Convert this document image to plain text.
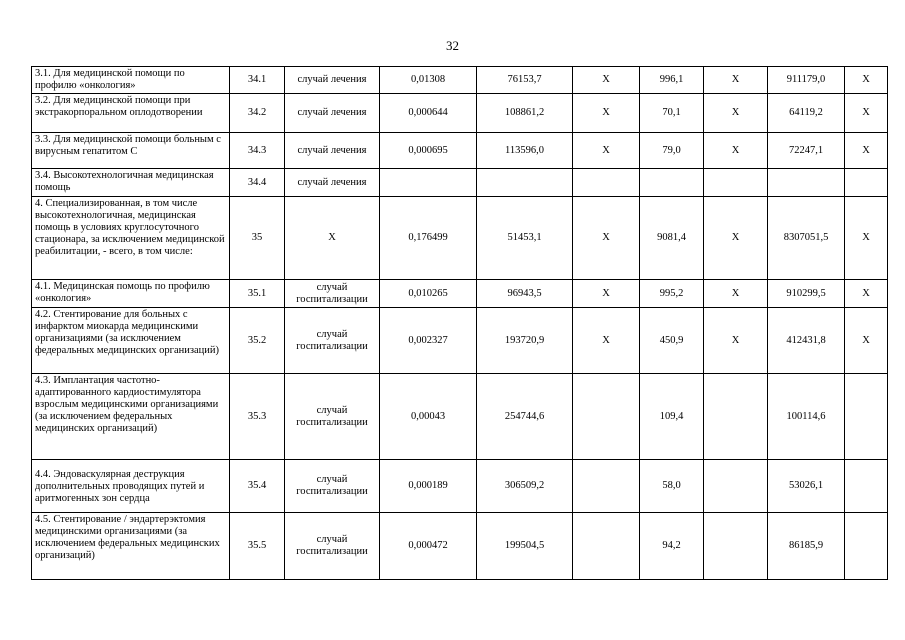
32
3.1. Для медицинской помощи по профилю «онкология»	34.1	случай лечения	0,01308	76153,7	X	996,1	X	911179,0	X
3.2. Для медицинской помощи при экстракорпоральном оплодотворении	34.2	случай лечения	0,000644	108861,2	X	70,1	X	64119,2	X
3.3. Для медицинской помощи больным с вирусным гепатитом С	34.3	случай лечения	0,000695	113596,0	X	79,0	X	72247,1	X
3.4. Высокотехнологичная медицинская помощь	34.4	случай лечения							
4. Специализированная, в том числе высокотехнологичная, медицинская помощь в условиях круглосуточного стационара, за исключением медицинской реабилитации, - всего, в том числе:	35	X	0,176499	51453,1	X	9081,4	X	8307051,5	X
4.1. Медицинская помощь по профилю «онкология»	35.1	случай госпитализации	0,010265	96943,5	X	995,2	X	910299,5	X
4.2. Стентирование для больных с инфарктом миокарда медицинскими организациями (за исключением федеральных медицинских организаций)	35.2	случай госпитализации	0,002327	193720,9	X	450,9	X	412431,8	X
4.3. Имплантация частотно-адаптированного кардиостимулятора взрослым медицинскими организациями (за исключением федеральных медицинских организаций)	35.3	случай госпитализации	0,00043	254744,6		109,4		100114,6	
4.4. Эндоваскулярная деструкция дополнительных проводящих путей и аритмогенных зон сердца	35.4	случай госпитализации	0,000189	306509,2		58,0		53026,1	
4.5. Стентирование / эндартерэктомия медицинскими организациями (за исключением федеральных медицинских организаций)	35.5	случай госпитализации	0,000472	199504,5		94,2		86185,9	
